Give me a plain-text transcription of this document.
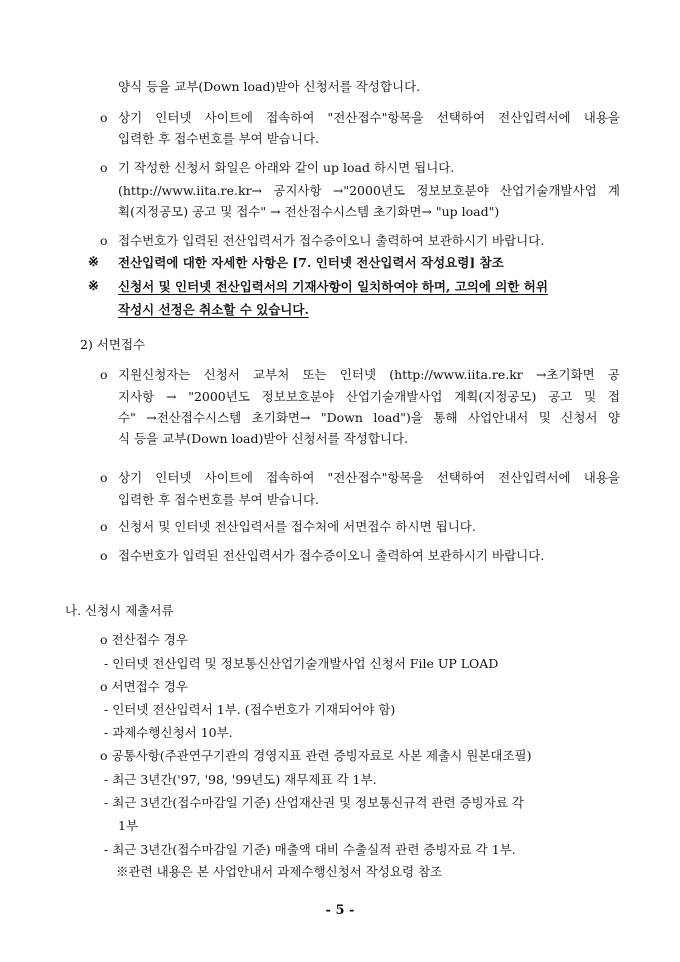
양식 등을 교부(Down load)받아 신청서를 작성합니다.
o 상기 인터넷 사이트에 접속하여 "전산접수"항목을 선택하여 전산입력서에 내용을
입력한 후 접수번호를 부여 받습니다.
o 기 작성한 신청서 화일은 아래와 같이 up load 하시면 됩니다.
(http://www.iita.re.kr→ 공지사항 →"2000년도 정보보호분야 산업기술개발사업 계
획(지정공모) 공고 및 접수" → 전산접수시스템 초기화면→ "up load")
o 접수번호가 입력된 전산입력서가 접수증이오니 출력하여 보관하시기 바랍니다.
※ 전산입력에 대한 자세한 사항은 [7. 인터넷 전산입력서 작성요령] 참조
※ 신청서 및 인터넷 전산입력서의 기재사항이 일치하여야 하며, 고의에 의한 허위
작성시 선정은 취소할 수 있습니다.
2) 서면접수
o 지원신청자는 신청서 교부처 또는 인터넷 (http://www.iita.re.kr →초기화면 공
지사항 → "2000년도 정보보호분야 산업기술개발사업 계획(지정공모) 공고 및 접
수" →전산접수시스템 초기화면→ "Down load")을 통해 사업안내서 및 신청서 양
식 등을 교부(Down load)받아 신청서를 작성합니다.
o 상기 인터넷 사이트에 접속하여 "전산접수"항목을 선택하여 전산입력서에 내용을
입력한 후 접수번호를 부여 받습니다.
o 신청서 및 인터넷 전산입력서를 접수처에 서면접수 하시면 됩니다.
o 접수번호가 입력된 전산입력서가 접수증이오니 출력하여 보관하시기 바랍니다.
나. 신청시 제출서류
o 전산접수 경우
- 인터넷 전산입력 및 정보통신산업기술개발사업 신청서 File UP LOAD
o 서면접수 경우
- 인터넷 전산입력서 1부. (접수번호가 기재되어야 함)
- 과제수행신청서 10부.
o 공통사항(주관연구기관의 경영지표 관련 증빙자료로 사본 제출시 원본대조필)
- 최근 3년간('97, '98, '99년도) 재무제표 각 1부.
- 최근 3년간(접수마감일 기준) 산업재산권 및 정보통신규격 관련 증빙자료 각
1부
- 최근 3년간(접수마감일 기준) 매출액 대비 수출실적 관련 증빙자료 각 1부.
※관련 내용은 본 사업안내서 과제수행신청서 작성요령 참조
- 5 -
